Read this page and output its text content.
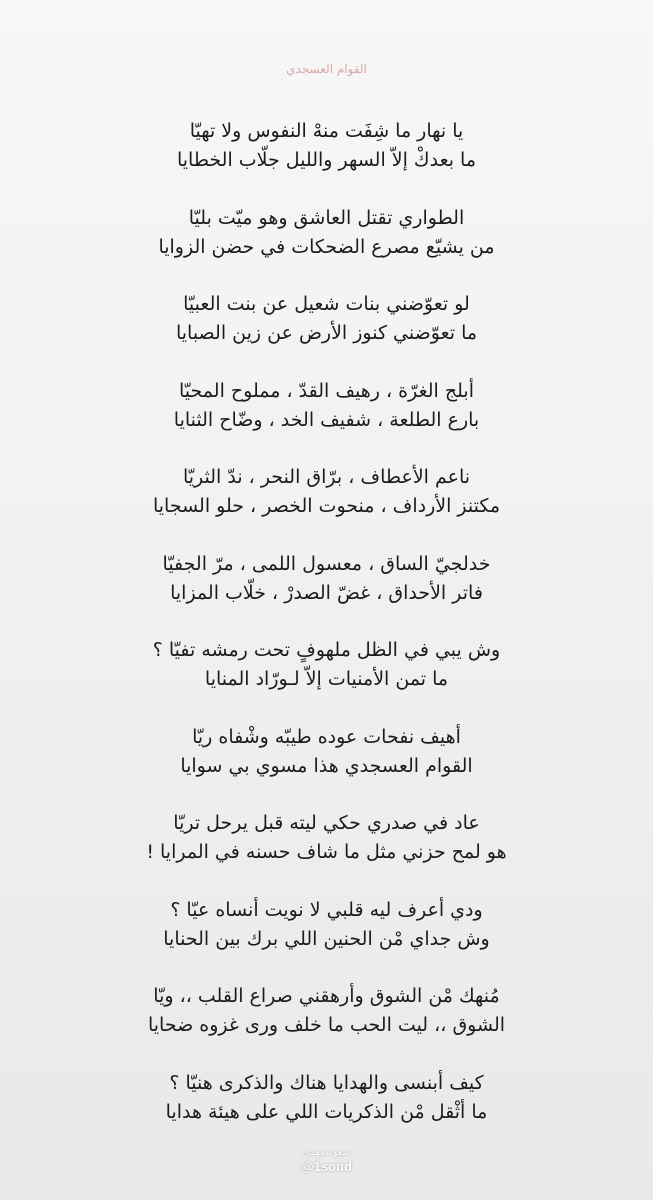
القوام العسجدي
يا نهار ما شِفَت منهْ النفوس ولا تهيّا
ما بعدكْ إلاّ السهر والليل جلّاب الخطايا
الطواري تقتل العاشق وهو ميّت بليّا
من يشيّع مصرع الضحكات في حضن الزوايا
لو تعوّضني بنات شعيل عن بنت العبيّا
ما تعوّضني كنوز الأرض عن زين الصبايا
أبلج الغرّة ، رهيف القدّ ، مملوح المحيّا
بارع الطلعة ، شفيف الخد ، وضّاح الثنايا
ناعم الأعطاف ، برّاق النحر ، ندّ الثريّا
مكتنز الأرداف ، منحوت الخصر ، حلو السجايا
خدلجيّ الساق ، معسول اللمى ، مرّ الجفيّا
فاتر الأحداق ، غضّ الصدرْ ، خلّاب المزايا
وش يبي في الظل ملهوفٍ تحت رمشه تفيّا ؟
ما تمن الأمنيات إلاّ لـورّاد المنايا
أهيف نفحات عوده طيبّه وشْفاه ريّا
القوام العسجدي هذا مسوي بي سوايا
عاد في صدري حكي ليته قبل يرحل تريّا
هو لمح حزني مثل ما شاف حسنه في المرايا !
ودي أعرف ليه قلبي لا نويت أنساه عيّا ؟
وش جداي مْن الحنين اللي برك بين الحنايا
مُنهك مْن الشوق وأرهقني صراع القلب ،، ويّا
الشوق ،، ليت الحب ما خلف ورى غزوه ضحايا
كيف أبنسى والهدايا هناك والذكرى هنيّا ؟
ما أثْقل مْن الذكريات اللي على هيئة هدايا
سعود مهدي
@1soud
